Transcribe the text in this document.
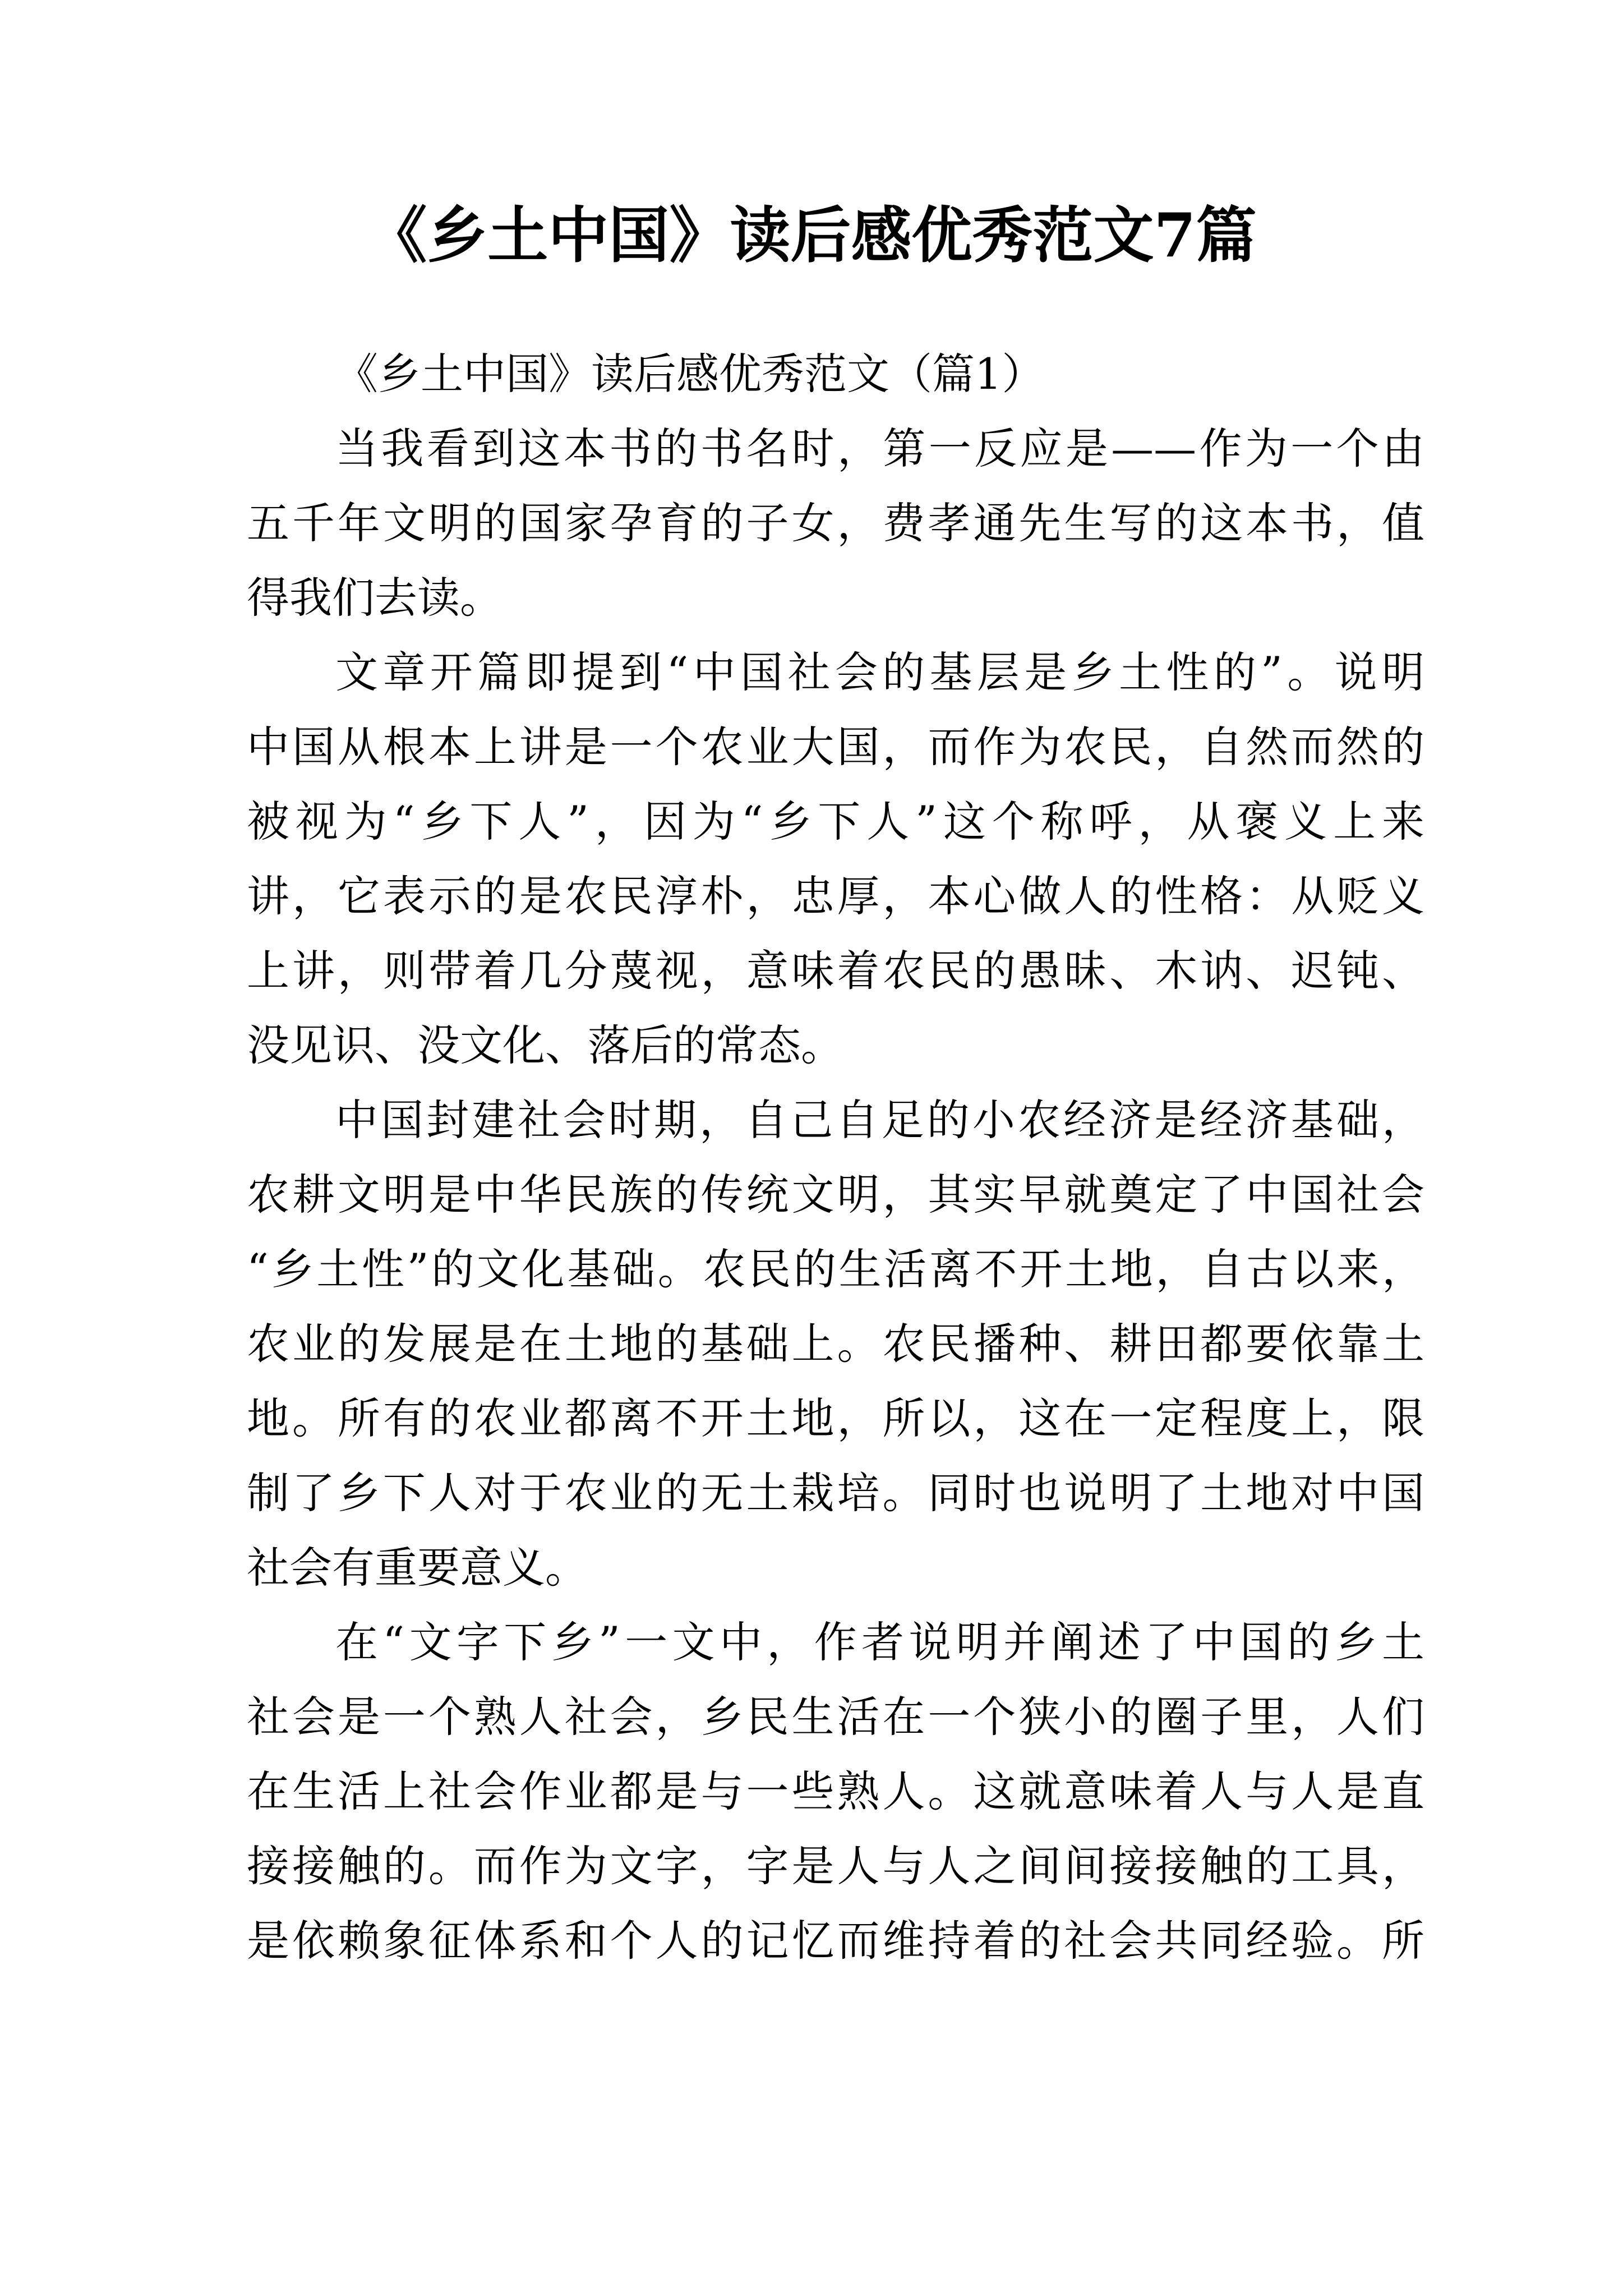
《乡土中国》读后感优秀范文7篇
《乡土中国》读后感优秀范文（篇1）
当我看到这本书的书名时，第一反应是——作为一个由
五千年文明的国家孕育的子女，费孝通先生写的这本书，值
得我们去读。
文章开篇即提到“中国社会的基层是乡土性的”。说明
中国从根本上讲是一个农业大国，而作为农民，自然而然的
被视为“乡下人”，因为“乡下人”这个称呼，从褒义上来
讲，它表示的是农民淳朴，忠厚，本心做人的性格：从贬义
上讲，则带着几分蔑视，意味着农民的愚昧、木讷、迟钝、
没见识、没文化、落后的常态。
中国封建社会时期，自己自足的小农经济是经济基础，
农耕文明是中华民族的传统文明，其实早就奠定了中国社会
“乡土性”的文化基础。农民的生活离不开土地，自古以来，
农业的发展是在土地的基础上。农民播种、耕田都要依靠土
地。所有的农业都离不开土地，所以，这在一定程度上，限
制了乡下人对于农业的无土栽培。同时也说明了土地对中国
社会有重要意义。
在“文字下乡”一文中，作者说明并阐述了中国的乡土
社会是一个熟人社会，乡民生活在一个狭小的圈子里，人们
在生活上社会作业都是与一些熟人。这就意味着人与人是直
接接触的。而作为文字，字是人与人之间间接接触的工具，
是依赖象征体系和个人的记忆而维持着的社会共同经验。所
